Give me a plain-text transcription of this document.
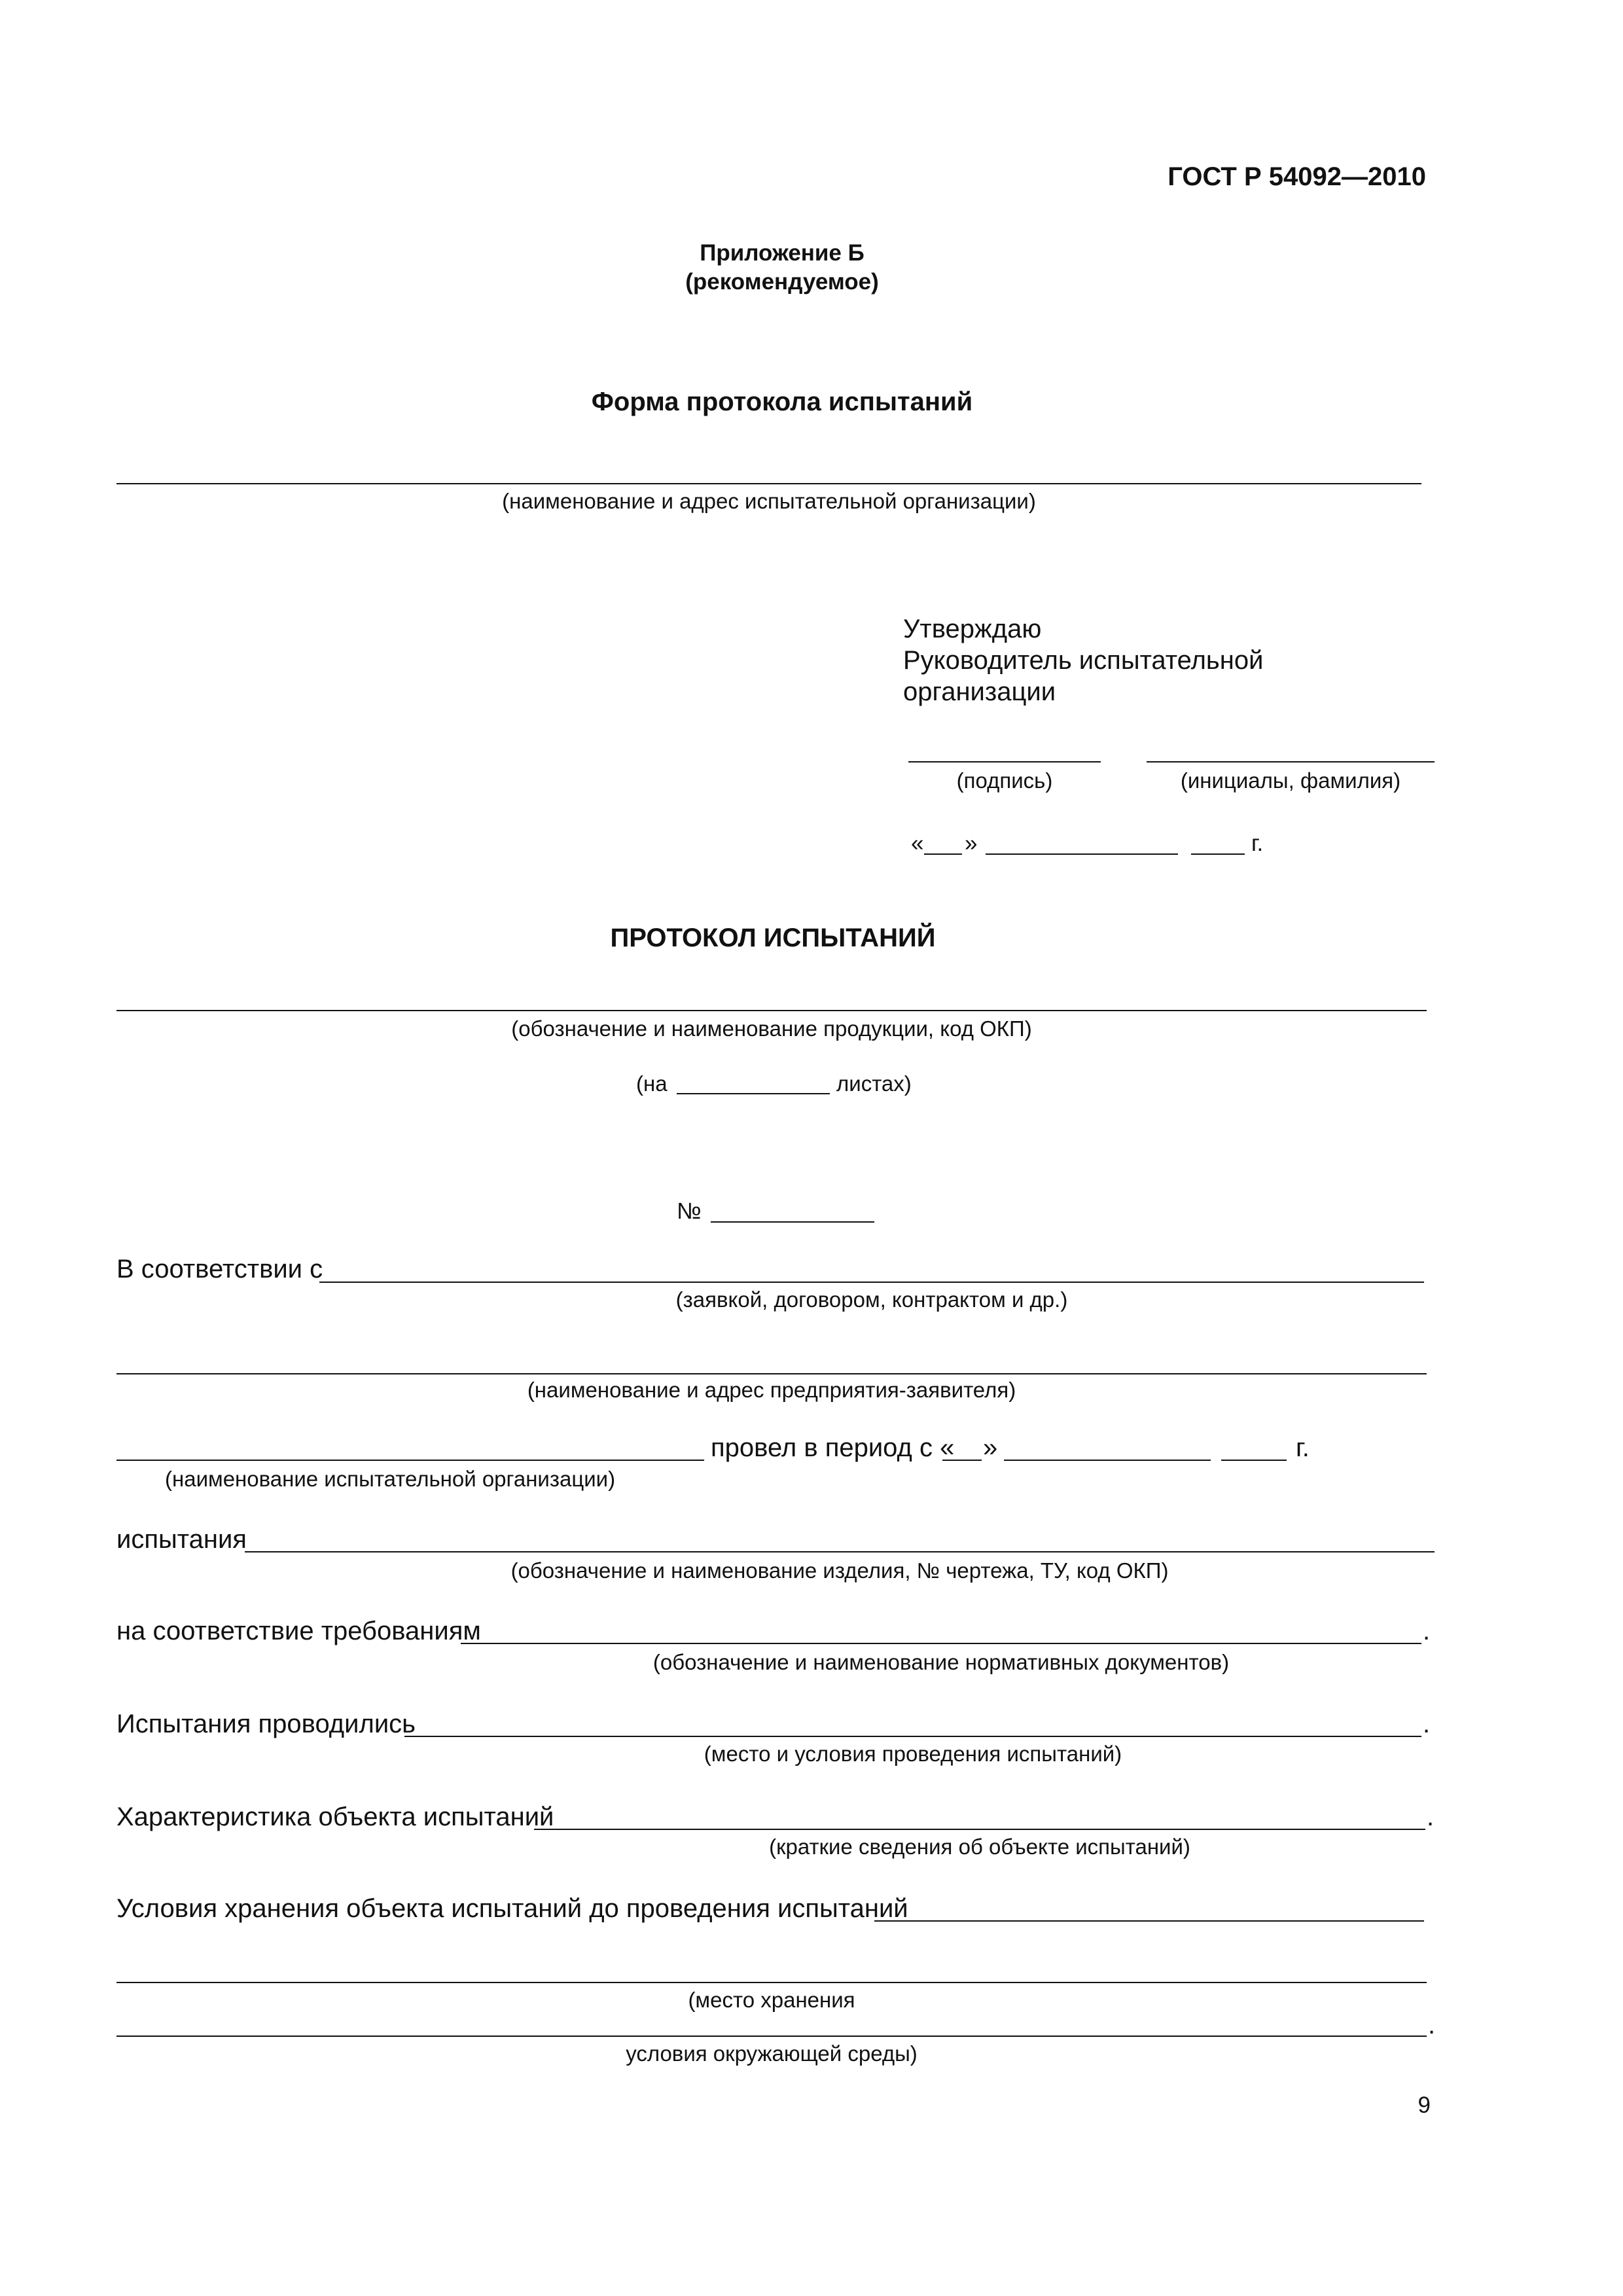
ГОСТ Р 54092—2010
Приложение Б
(рекомендуемое)
Форма протокола испытаний
(наименование и адрес испытательной организации)
Утверждаю
Руководитель испытательной
организации
(подпись)	(инициалы, фамилия)
« »	г.
ПРОТОКОЛ ИСПЫТАНИЙ
(обозначение и наименование продукции, код ОКП)
(на	листах)
№
В соответствии с
(заявкой, договором, контрактом и др.)
(наименование и адрес предприятия-заявителя)
провел в период с « »	г.
(наименование испытательной организации)
испытания
(обозначение и наименование изделия, № чертежа, ТУ, код ОКП)
на соответствие требованиям	.
(обозначение и наименование нормативных документов)
Испытания проводились	.
(место и условия проведения испытаний)
Характеристика объекта испытаний	.
(краткие сведения об объекте испытаний)
Условия хранения объекта испытаний до проведения испытаний
(место хранения
.
условия окружающей среды)
9
